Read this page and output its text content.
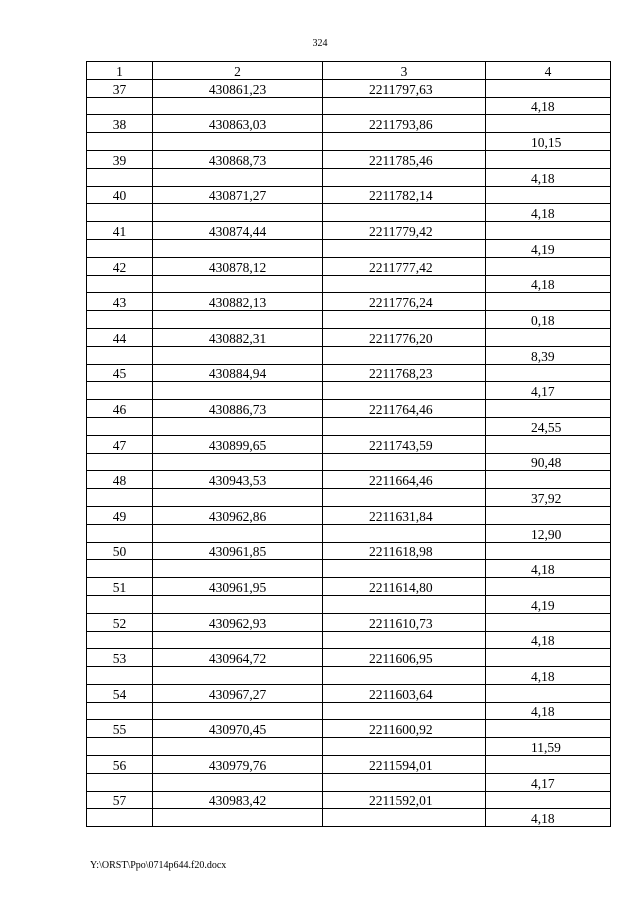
324
1	2	3	4
37	430861,23	2211797,63	
			4,18
38	430863,03	2211793,86	
			10,15
39	430868,73	2211785,46	
			4,18
40	430871,27	2211782,14	
			4,18
41	430874,44	2211779,42	
			4,19
42	430878,12	2211777,42	
			4,18
43	430882,13	2211776,24	
			0,18
44	430882,31	2211776,20	
			8,39
45	430884,94	2211768,23	
			4,17
46	430886,73	2211764,46	
			24,55
47	430899,65	2211743,59	
			90,48
48	430943,53	2211664,46	
			37,92
49	430962,86	2211631,84	
			12,90
50	430961,85	2211618,98	
			4,18
51	430961,95	2211614,80	
			4,19
52	430962,93	2211610,73	
			4,18
53	430964,72	2211606,95	
			4,18
54	430967,27	2211603,64	
			4,18
55	430970,45	2211600,92	
			11,59
56	430979,76	2211594,01	
			4,17
57	430983,42	2211592,01	
			4,18
Y:\ORST\Ppo\0714p644.f20.docx
